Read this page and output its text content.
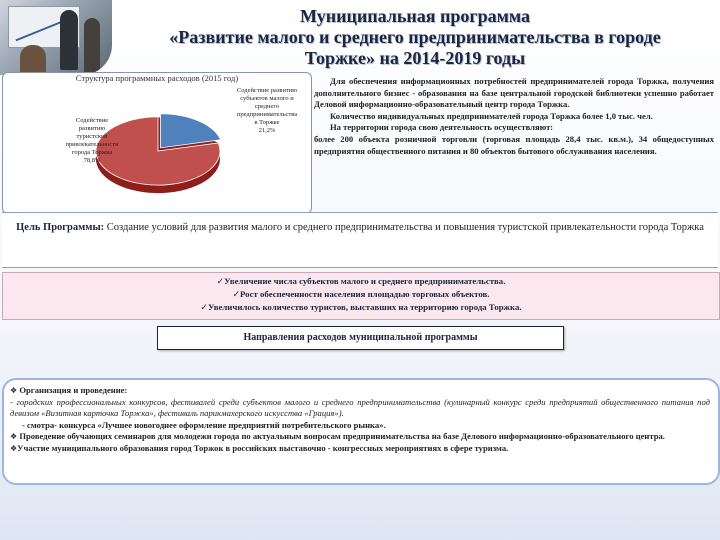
Муниципальная программа
«Развитие малого и среднего предпринимательства в городе
Торжке» на 2014-2019 годы
Структура программных расходов (2015 год)
Содействие
развитию
туристской
привлекательности
города Торжка
78,8%
Содействие развитию
субъектов малого и
среднего
предпринимательства
в Торжке
21,2%

Для обеспечения информационных потребностей предпринимателей города Торжка, получения дополнительного бизнес - образования на базе центральной городской библиотеки успешно работает Деловой информационно-образовательный центр города Торжка.

Количество индивидуальных предпринимателей города Торжка более 1,0 тыс. чел.

На территории города свою деятельность осуществляют:

более 200 объекта розничной торговли (торговая площадь 28,4 тыс. кв.м.), 34 общедоступных предприятия общественного питания и 80 объектов бытового обслуживания населения.

Цель Программы: Создание условий для развития малого и среднего предпринимательства и повышения туристской привлекательности города Торжка
✓Увеличение числа субъектов малого и среднего предпринимательства.
✓Рост обеспеченности населения площадью торговых объектов.
✓Увеличилось количество туристов, выставших на территорию города Торжка.
Направления расходов муниципальной программы

❖ Организация и проведение:

- городских профессиональных конкурсов, фестивалей среди субъектов малого и среднего предпринимательства (кулинарный конкурс среди предприятий общественного питания под девизом «Визитная карточка Торжка», фестиваль парикмахерского искусства «Грация»).

- смотра- конкурса «Лучшее новогоднее оформление предприятий потребительского рынка».

❖ Проведение обучающих семинаров для молодежи города по актуальным вопросам предпринимательства на базе Делового информационно-образовательного центра.

❖Участие муниципального образования город Торжок в российских выставочно - конгрессных мероприятиях в сфере туризма.
